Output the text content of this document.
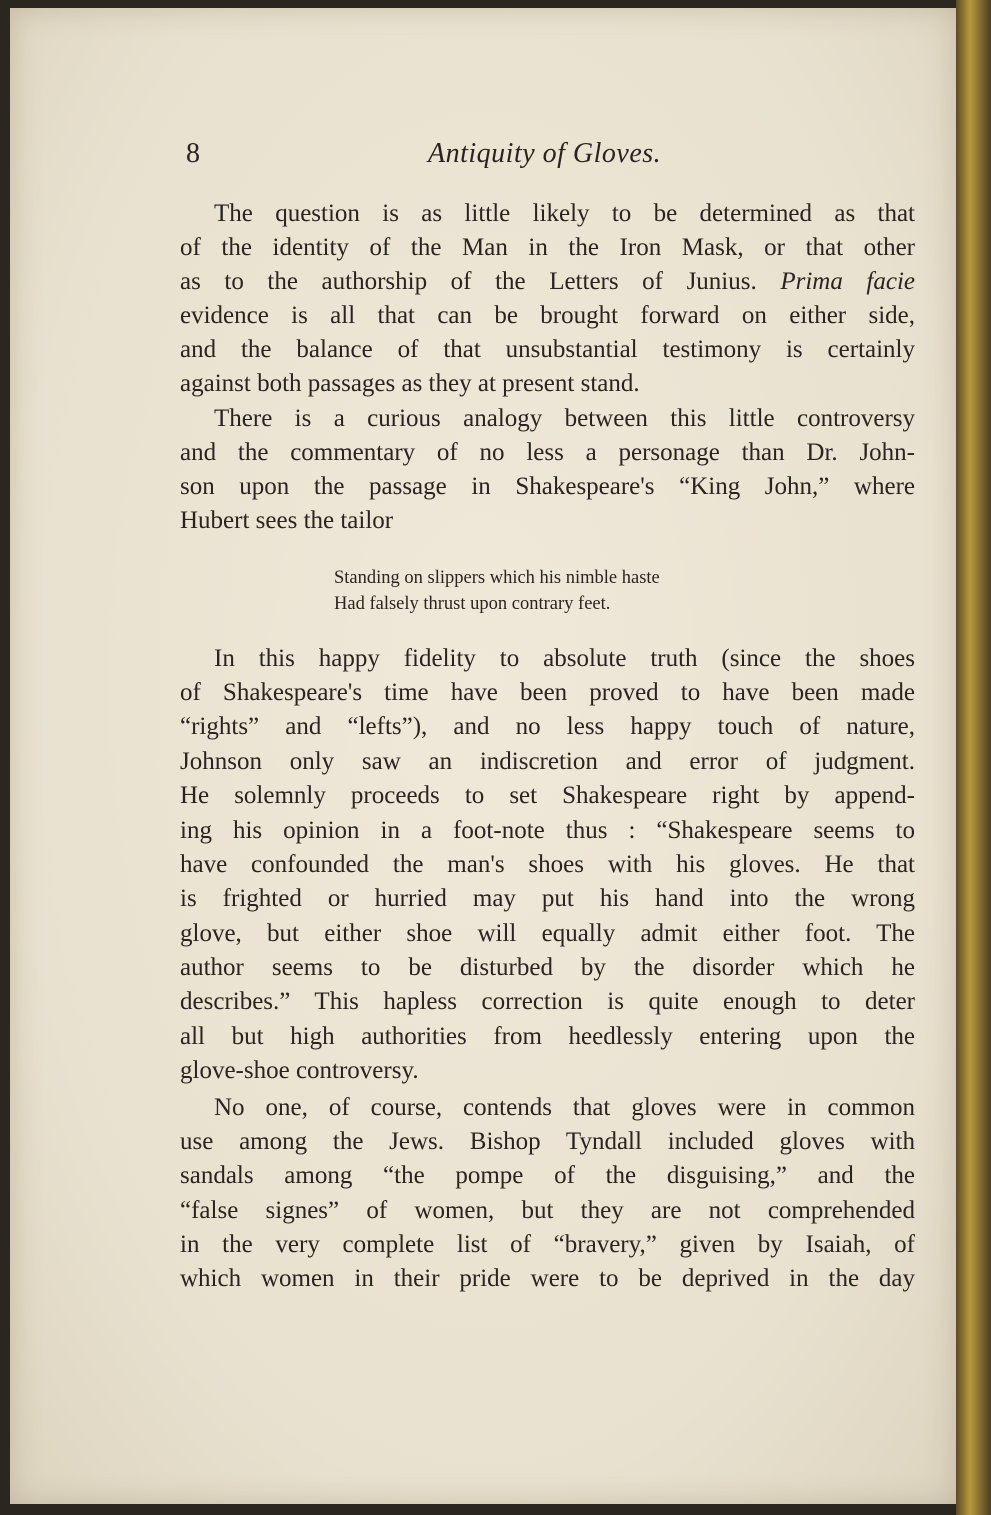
8	Antiquity of Gloves.
The question is as little likely to be determined as that
of the identity of the Man in the Iron Mask, or that other
as to the authorship of the Letters of Junius. Prima facie
evidence is all that can be brought forward on either side,
and the balance of that unsubstantial testimony is certainly
against both passages as they at present stand.
There is a curious analogy between this little controversy
and the commentary of no less a personage than Dr. John-
son upon the passage in Shakespeare's “King John,” where
Hubert sees the tailor
Standing on slippers which his nimble haste
Had falsely thrust upon contrary feet.
In this happy fidelity to absolute truth (since the shoes
of Shakespeare's time have been proved to have been made
“rights” and “lefts”), and no less happy touch of nature,
Johnson only saw an indiscretion and error of judgment.
He solemnly proceeds to set Shakespeare right by append-
ing his opinion in a foot-note thus : “Shakespeare seems to
have confounded the man's shoes with his gloves. He that
is frighted or hurried may put his hand into the wrong
glove, but either shoe will equally admit either foot. The
author seems to be disturbed by the disorder which he
describes.” This hapless correction is quite enough to deter
all but high authorities from heedlessly entering upon the
glove-shoe controversy.
No one, of course, contends that gloves were in common
use among the Jews. Bishop Tyndall included gloves with
sandals among “the pompe of the disguising,” and the
“false signes” of women, but they are not comprehended
in the very complete list of “bravery,” given by Isaiah, of
which women in their pride were to be deprived in the day
